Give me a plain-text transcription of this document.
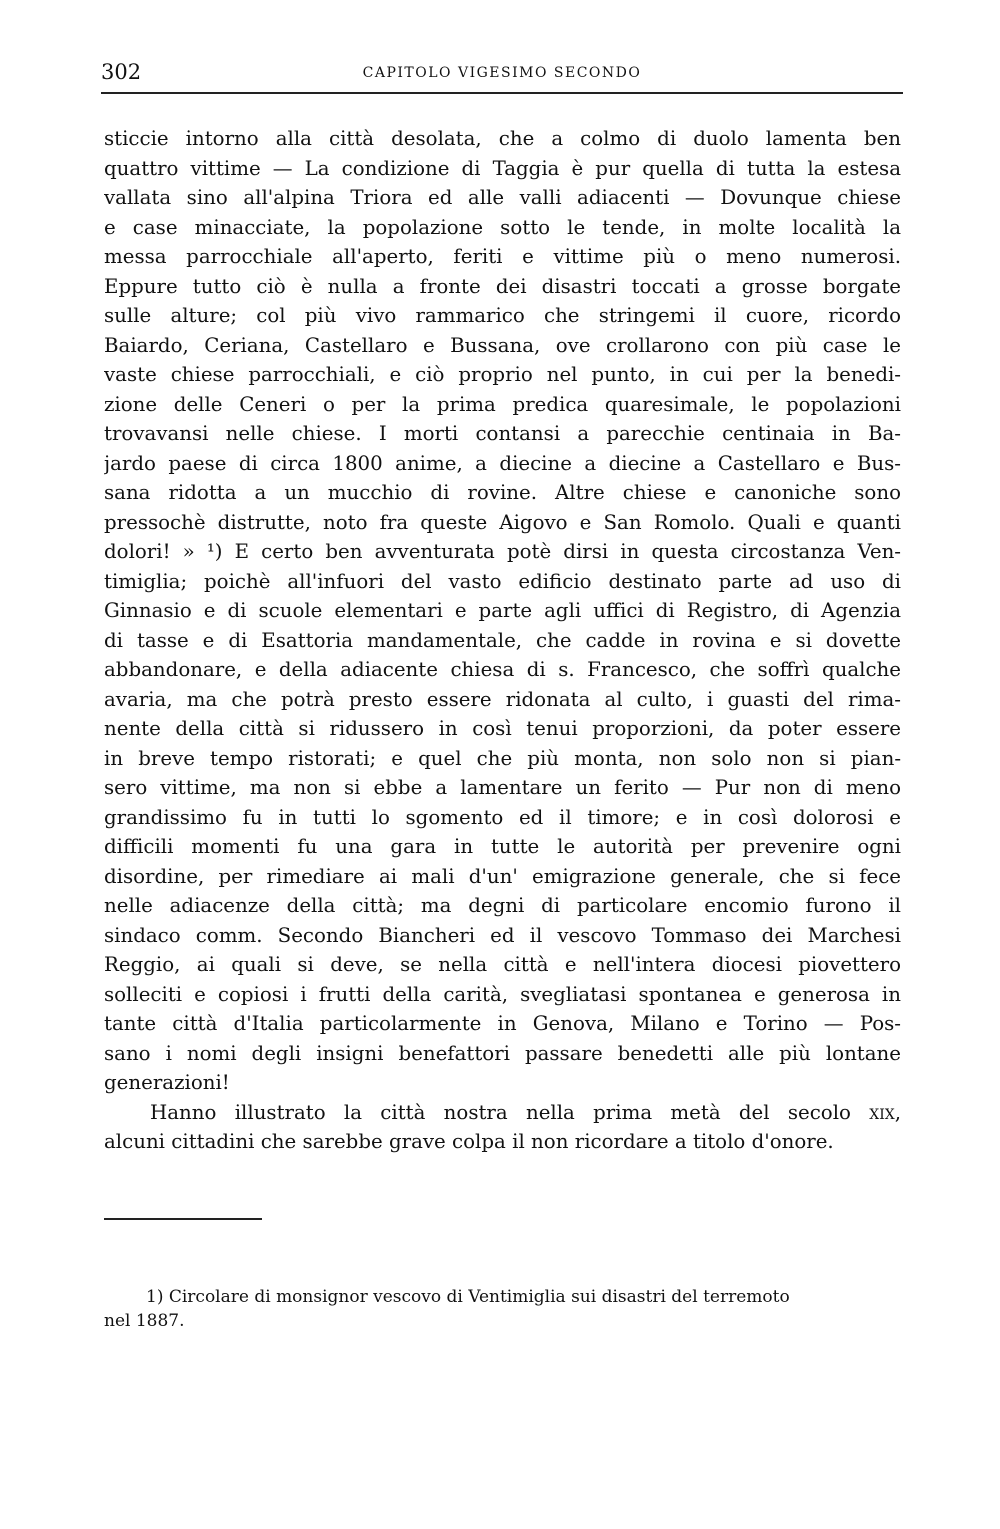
302	CAPITOLO VIGESIMO SECONDO
sticcie intorno alla città desolata, che a colmo di duolo lamenta ben
quattro vittime — La condizione di Taggia è pur quella di tutta la estesa
vallata sino all'alpina Triora ed alle valli adiacenti — Dovunque chiese
e case minacciate, la popolazione sotto le tende, in molte località la
messa parrocchiale all'aperto, feriti e vittime più o meno numerosi.
Eppure tutto ciò è nulla a fronte dei disastri toccati a grosse borgate
sulle alture; col più vivo rammarico che stringemi il cuore, ricordo
Baiardo, Ceriana, Castellaro e Bussana, ove crollarono con più case le
vaste chiese parrocchiali, e ciò proprio nel punto, in cui per la benedi-
zione delle Ceneri o per la prima predica quaresimale, le popolazioni
trovavansi nelle chiese. I morti contansi a parecchie centinaia in Ba-
jardo paese di circa 1800 anime, a diecine a diecine a Castellaro e Bus-
sana ridotta a un mucchio di rovine. Altre chiese e canoniche sono
pressochè distrutte, noto fra queste Aigovo e San Romolo. Quali e quanti
dolori! » ¹) E certo ben avventurata potè dirsi in questa circostanza Ven-
timiglia; poichè all'infuori del vasto edificio destinato parte ad uso di
Ginnasio e di scuole elementari e parte agli uffici di Registro, di Agenzia
di tasse e di Esattoria mandamentale, che cadde in rovina e si dovette
abbandonare, e della adiacente chiesa di s. Francesco, che soffrì qualche
avaria, ma che potrà presto essere ridonata al culto, i guasti del rima-
nente della città si ridussero in così tenui proporzioni, da poter essere
in breve tempo ristorati; e quel che più monta, non solo non si pian-
sero vittime, ma non si ebbe a lamentare un ferito — Pur non di meno
grandissimo fu in tutti lo sgomento ed il timore; e in così dolorosi e
difficili momenti fu una gara in tutte le autorità per prevenire ogni
disordine, per rimediare ai mali d'un' emigrazione generale, che si fece
nelle adiacenze della città; ma degni di particolare encomio furono il
sindaco comm. Secondo Biancheri ed il vescovo Tommaso dei Marchesi
Reggio, ai quali si deve, se nella città e nell'intera diocesi piovettero
solleciti e copiosi i frutti della carità, svegliatasi spontanea e generosa in
tante città d'Italia particolarmente in Genova, Milano e Torino — Pos-
sano i nomi degli insigni benefattori passare benedetti alle più lontane
generazioni!
Hanno illustrato la città nostra nella prima metà del secolo xix,
alcuni cittadini che sarebbe grave colpa il non ricordare a titolo d'onore.
1) Circolare di monsignor vescovo di Ventimiglia sui disastri del terremoto
nel 1887.
